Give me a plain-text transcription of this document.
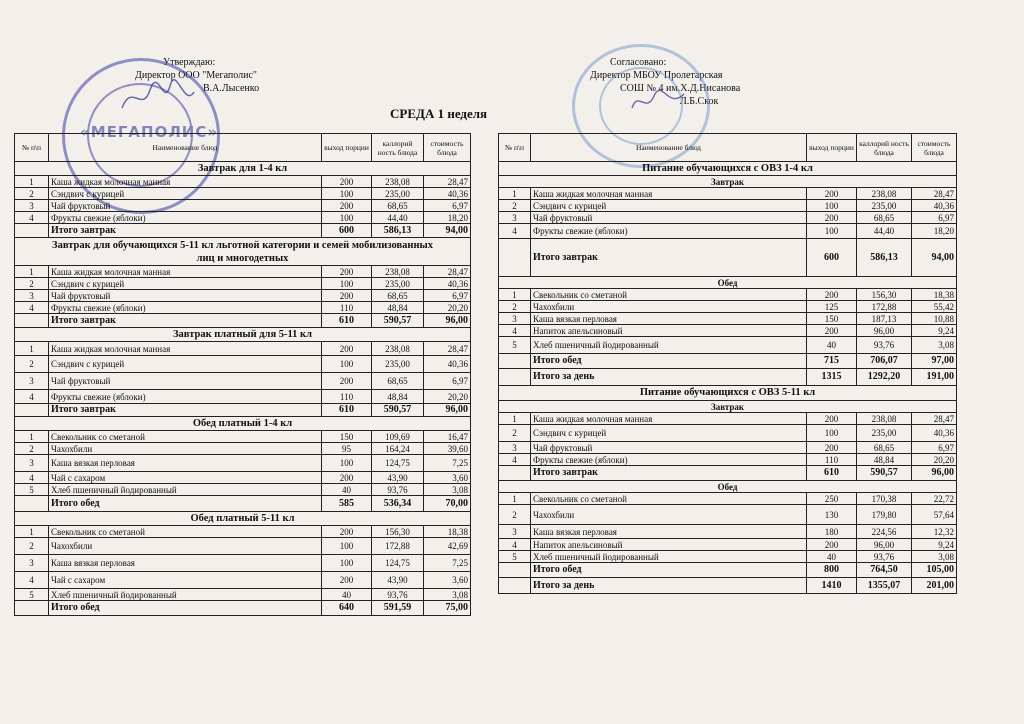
Утверждаю:
Директор ООО "Мегаполис"
В.А.Лысенко
«МЕГАПОЛИС»
Согласовано:
Директор МБОУ Пролетарская
СОШ № 4 им.Х.Д.Нисанова
Л.Б.Скок
СРЕДА 1 неделя
№ п\п	Наименование блюд	выход порции	каллорий ность блюда	стоимость блюда
Завтрак для 1-4 кл				
1	Каша жидкая молочная манная	200	238,08	28,47
2	Сэндвич с курицей	100	235,00	40,36
3	Чай фруктовый	200	68,65	6,97
4	Фрукты свежие (яблоки)	100	44,40	18,20
	Итого завтрак	600	586,13	94,00

Завтрак для обучающихся 5-11 кл льготной категории и семей мобилизованных
лиц и многодетных				

1	Каша жидкая молочная манная	200	238,08	28,47
2	Сэндвич с курицей	100	235,00	40,36
3	Чай фруктовый	200	68,65	6,97
4	Фрукты свежие (яблоки)	110	48,84	20,20
	Итого завтрак	610	590,57	96,00
Завтрак платный для 5-11 кл				
1	Каша жидкая молочная манная	200	238,08	28,47
2	Сэндвич с курицей	100	235,00	40,36
3	Чай фруктовый	200	68,65	6,97
4	Фрукты свежие (яблоки)	110	48,84	20,20
	Итого завтрак	610	590,57	96,00
Обед платный 1-4 кл				
1	Свекольник со сметаной	150	109,69	16,47
2	Чахохбили	95	164,24	39,60
3	Каша вязкая перловая	100	124,75	7,25
4	Чай с сахаром	200	43,90	3,60
5	Хлеб пшеничный йодированный	40	93,76	3,08
	Итого обед	585	536,34	70,00
Обед платный 5-11 кл				
1	Свекольник со сметаной	200	156,30	18,38
2	Чахохбили	100	172,88	42,69
3	Каша вязкая перловая	100	124,75	7,25
4	Чай с сахаром	200	43,90	3,60
5	Хлеб пшеничный йодированный	40	93,76	3,08
	Итого обед	640	591,59	75,00
№ п\п	Наименование блюд	выход порции	каллорий ность блюда	стоимость блюда
Питание обучающихся с ОВЗ 1-4 кл				
Завтрак				
1	Каша жидкая молочная манная	200	238,08	28,47
2	Сэндвич с курицей	100	235,00	40,36
3	Чай фруктовый	200	68,65	6,97
4	Фрукты свежие (яблоки)	100	44,40	18,20
	Итого завтрак	600	586,13	94,00
Обед				
1	Свекольник со сметаной	200	156,30	18,38
2	Чахохбили	125	172,88	55,42
3	Каша вязкая перловая	150	187,13	10,88
4	Напиток апельсиновый	200	96,00	9,24
5	Хлеб пшеничный йодированный	40	93,76	3,08
	Итого обед	715	706,07	97,00
	Итого за день	1315	1292,20	191,00
Питание обучающихся с ОВЗ 5-11 кл				
Завтрак				
1	Каша жидкая молочная манная	200	238,08	28,47
2	Сэндвич с курицей	100	235,00	40,36
3	Чай фруктовый	200	68,65	6,97
4	Фрукты свежие (яблоки)	110	48,84	20,20
	Итого завтрак	610	590,57	96,00
Обед				
1	Свекольник со сметаной	250	170,38	22,72
2	Чахохбили	130	179,80	57,64
3	Каша вязкая перловая	180	224,56	12,32
4	Напиток апельсиновый	200	96,00	9,24
5	Хлеб пшеничный йодированный	40	93,76	3,08
	Итого обед	800	764,50	105,00
	Итого за день	1410	1355,07	201,00
